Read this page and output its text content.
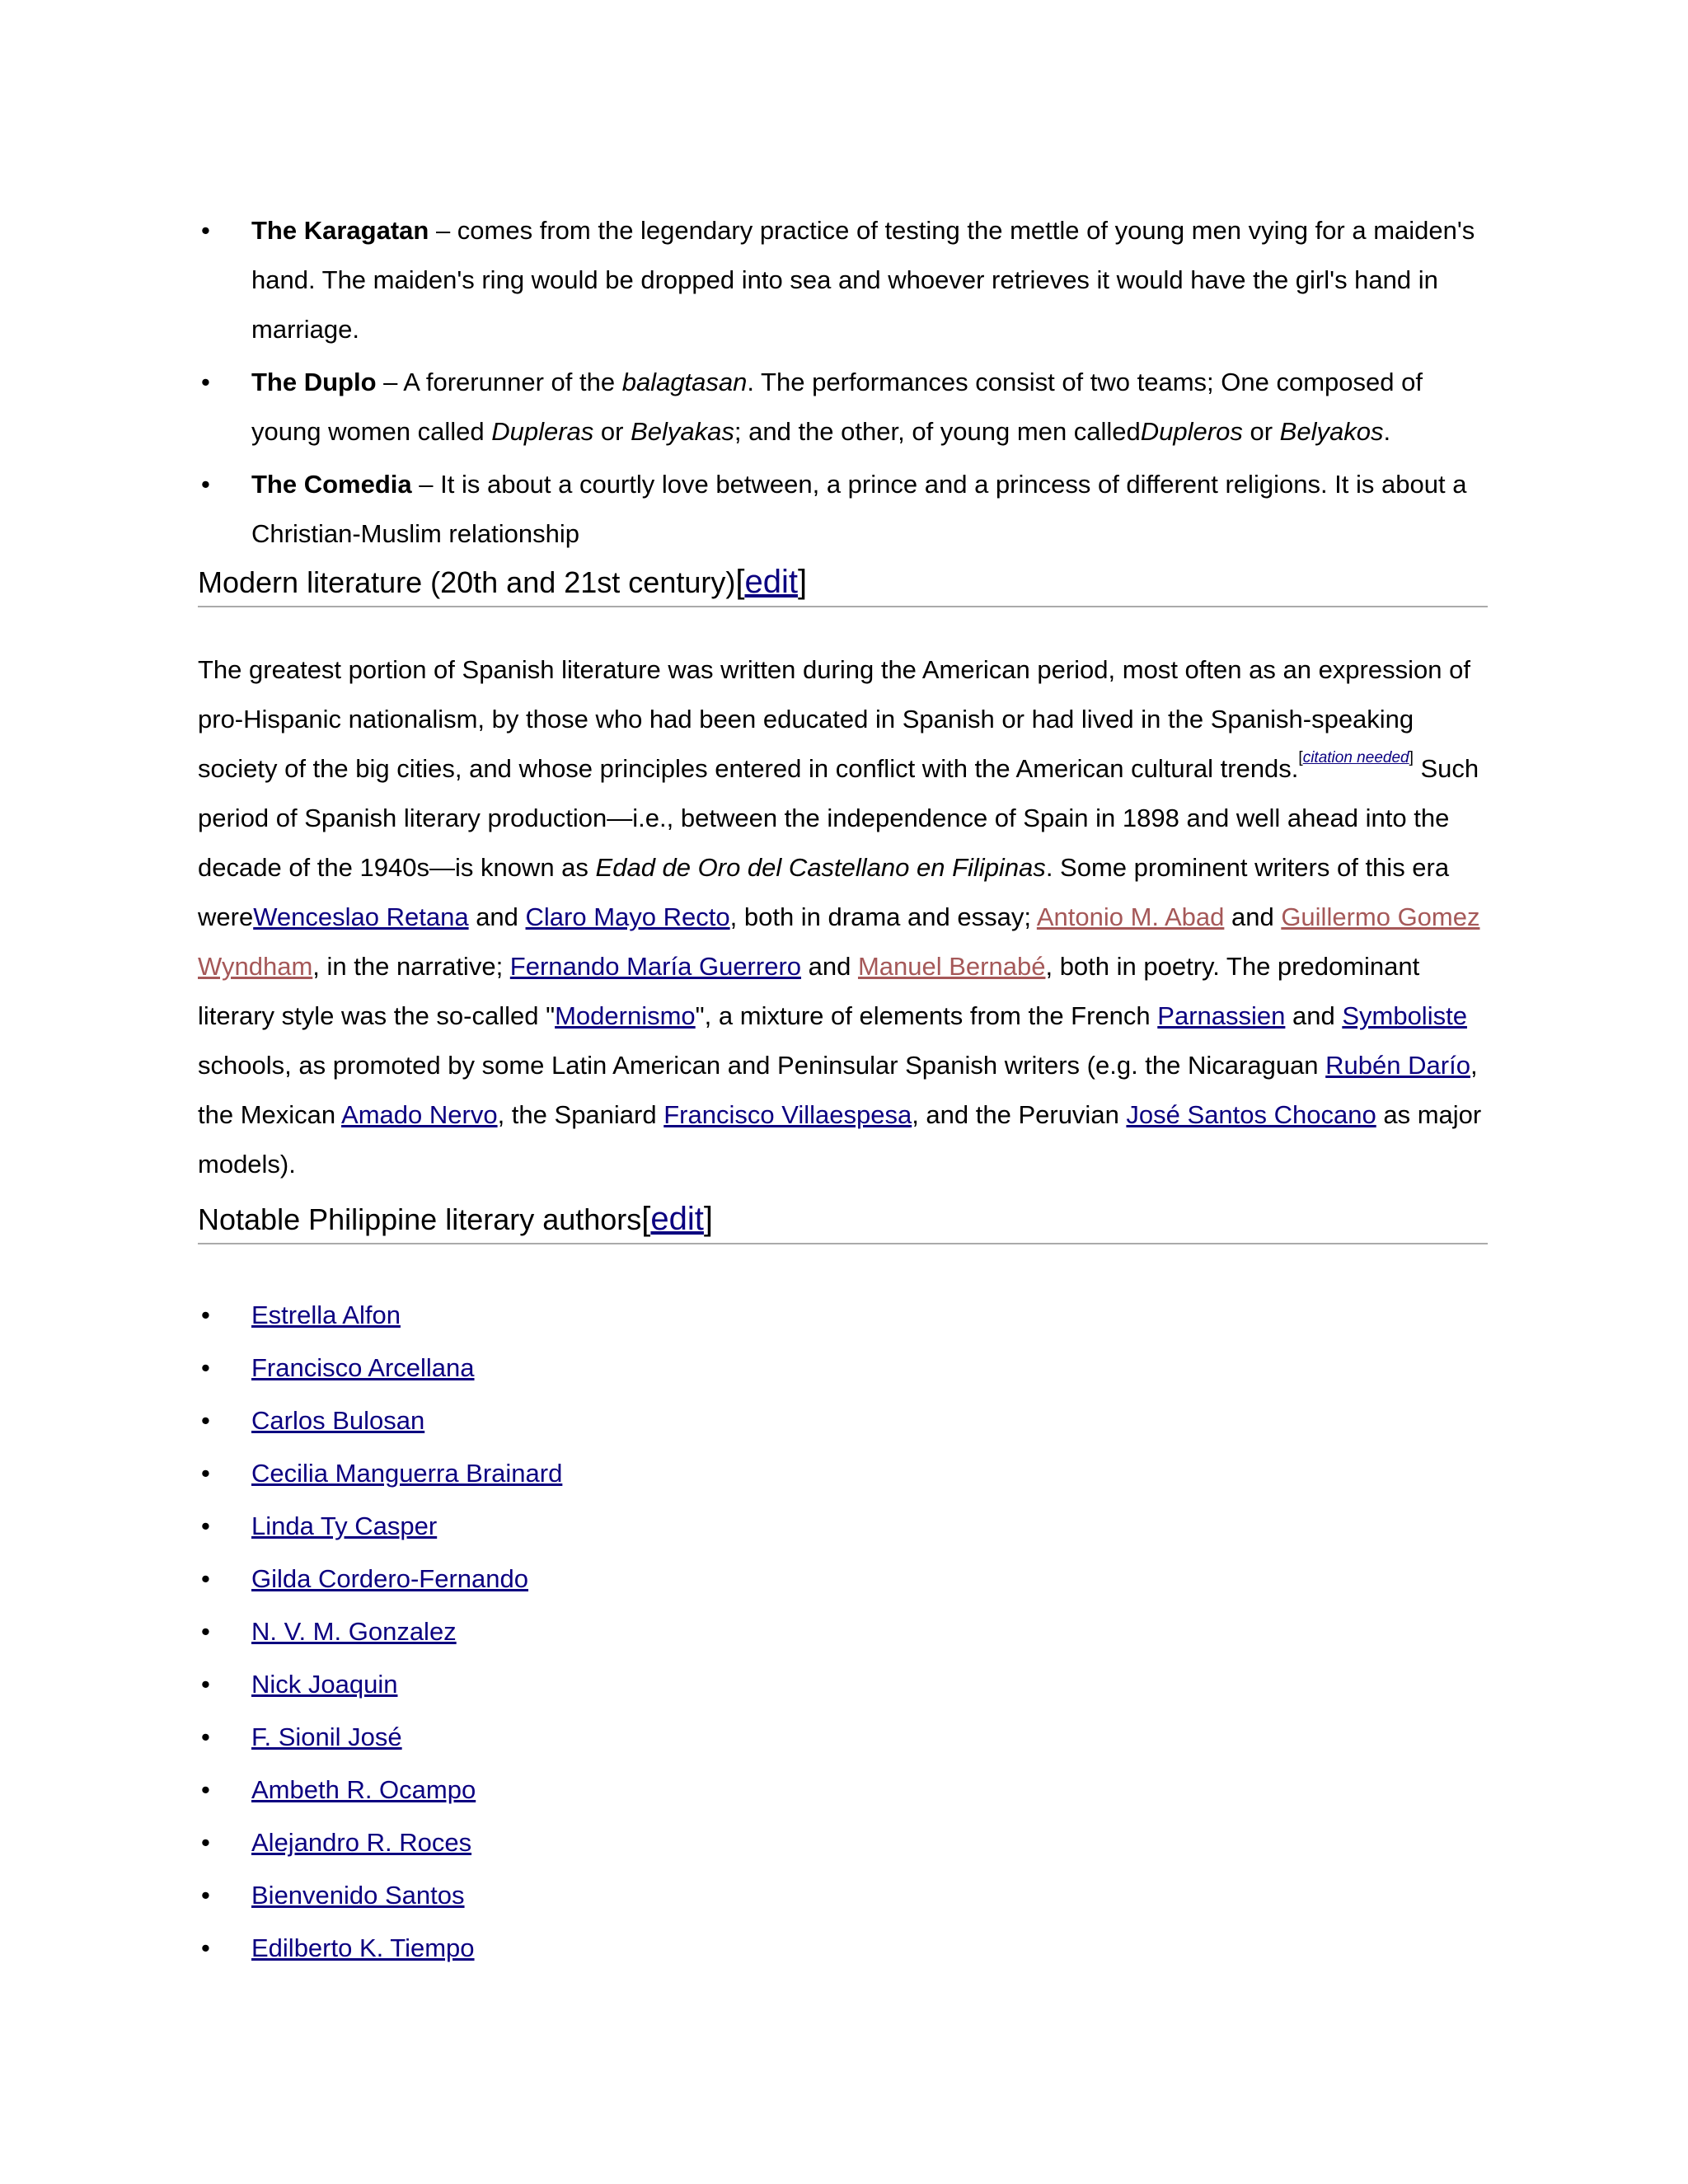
• The Karagatan – comes from the legendary practice of testing the mettle of young men vying for a maiden's hand. The maiden's ring would be dropped into sea and whoever retrieves it would have the girl's hand in marriage.
• The Duplo – A forerunner of the balagtasan. The performances consist of two teams; One composed of young women called Dupleras or Belyakas; and the other, of young men calledDupleros or Belyakos.
• The Comedia – It is about a courtly love between, a prince and a princess of different religions. It is about a Christian-Muslim relationship
Modern literature (20th and 21st century)[edit]

The greatest portion of Spanish literature was written during the American period, most often as an expression of pro-Hispanic nationalism, by those who had been educated in Spanish or had lived in the Spanish-speaking society of the big cities, and whose principles entered in conflict with the American cultural trends.[citation needed] Such period of Spanish literary production—i.e., between the independence of Spain in 1898 and well ahead into the decade of the 1940s—is known as Edad de Oro del Castellano en Filipinas. Some prominent writers of this era wereWenceslao Retana and Claro Mayo Recto, both in drama and essay; Antonio M. Abad and Guillermo Gomez Wyndham, in the narrative; Fernando María Guerrero and Manuel Bernabé, both in poetry. The predominant literary style was the so-called "Modernismo", a mixture of elements from the French Parnassien and Symboliste schools, as promoted by some Latin American and Peninsular Spanish writers (e.g. the Nicaraguan Rubén Darío, the Mexican Amado Nervo, the Spaniard Francisco Villaespesa, and the Peruvian José Santos Chocano as major models).

Notable Philippine literary authors[edit]
• Estrella Alfon
• Francisco Arcellana
• Carlos Bulosan
• Cecilia Manguerra Brainard
• Linda Ty Casper
• Gilda Cordero-Fernando
• N. V. M. Gonzalez
• Nick Joaquin
• F. Sionil José
• Ambeth R. Ocampo
• Alejandro R. Roces
• Bienvenido Santos
• Edilberto K. Tiempo
